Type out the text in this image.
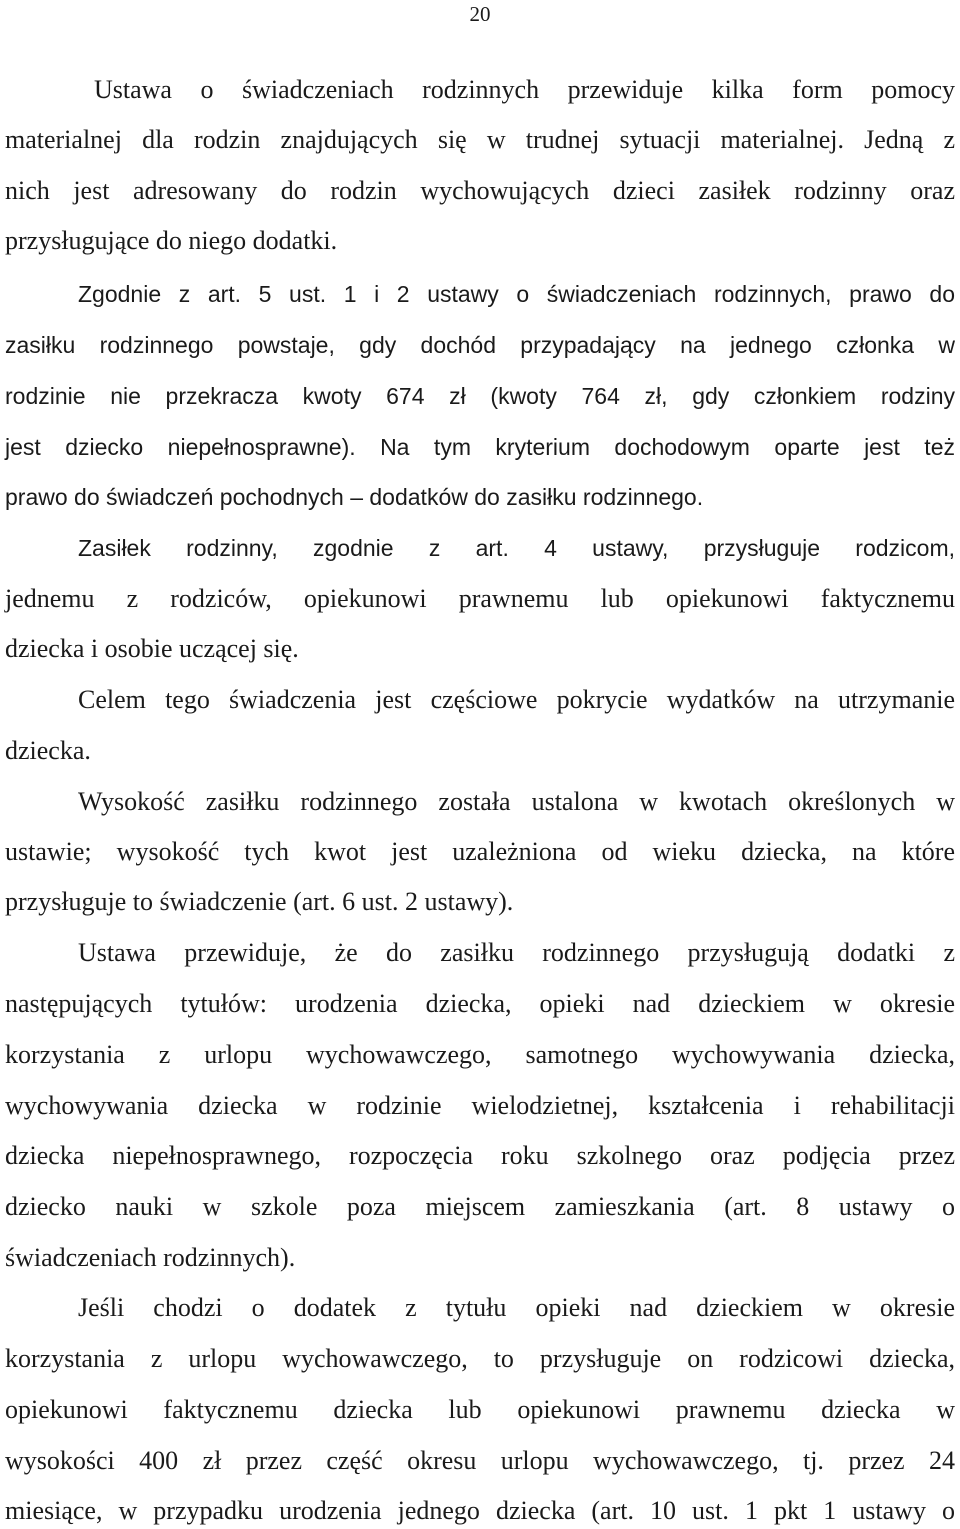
20
Ustawa o świadczeniach rodzinnych przewiduje kilka form pomocy
materialnej dla rodzin znajdujących się w trudnej sytuacji materialnej. Jedną z
nich jest adresowany do rodzin wychowujących dzieci zasiłek rodzinny oraz
przysługujące do niego dodatki.
Zgodnie z art. 5 ust. 1 i 2 ustawy o świadczeniach rodzinnych, prawo do
zasiłku rodzinnego powstaje, gdy dochód przypadający na jednego członka w
rodzinie nie przekracza kwoty 674 zł (kwoty 764 zł, gdy członkiem rodziny
jest dziecko niepełnosprawne). Na tym kryterium dochodowym oparte jest też
prawo do świadczeń pochodnych – dodatków do zasiłku rodzinnego.
Zasiłek rodzinny, zgodnie z art. 4 ustawy, przysługuje rodzicom,
jednemu z rodziców, opiekunowi prawnemu lub opiekunowi faktycznemu
dziecka i osobie uczącej się.
Celem tego świadczenia jest częściowe pokrycie wydatków na utrzymanie
dziecka.
Wysokość zasiłku rodzinnego została ustalona w kwotach określonych w
ustawie; wysokość tych kwot jest uzależniona od wieku dziecka, na które
przysługuje to świadczenie (art. 6 ust. 2 ustawy).
Ustawa przewiduje, że do zasiłku rodzinnego przysługują dodatki z
następujących tytułów: urodzenia dziecka, opieki nad dzieckiem w okresie
korzystania z urlopu wychowawczego, samotnego wychowywania dziecka,
wychowywania dziecka w rodzinie wielodzietnej, kształcenia i rehabilitacji
dziecka niepełnosprawnego, rozpoczęcia roku szkolnego oraz podjęcia przez
dziecko nauki w szkole poza miejscem zamieszkania (art. 8 ustawy o
świadczeniach rodzinnych).
Jeśli chodzi o dodatek z tytułu opieki nad dzieckiem w okresie
korzystania z urlopu wychowawczego, to przysługuje on rodzicowi dziecka,
opiekunowi faktycznemu dziecka lub opiekunowi prawnemu dziecka w
wysokości 400 zł przez część okresu urlopu wychowawczego, tj. przez 24
miesiące, w przypadku urodzenia jednego dziecka (art. 10 ust. 1 pkt 1 ustawy o
